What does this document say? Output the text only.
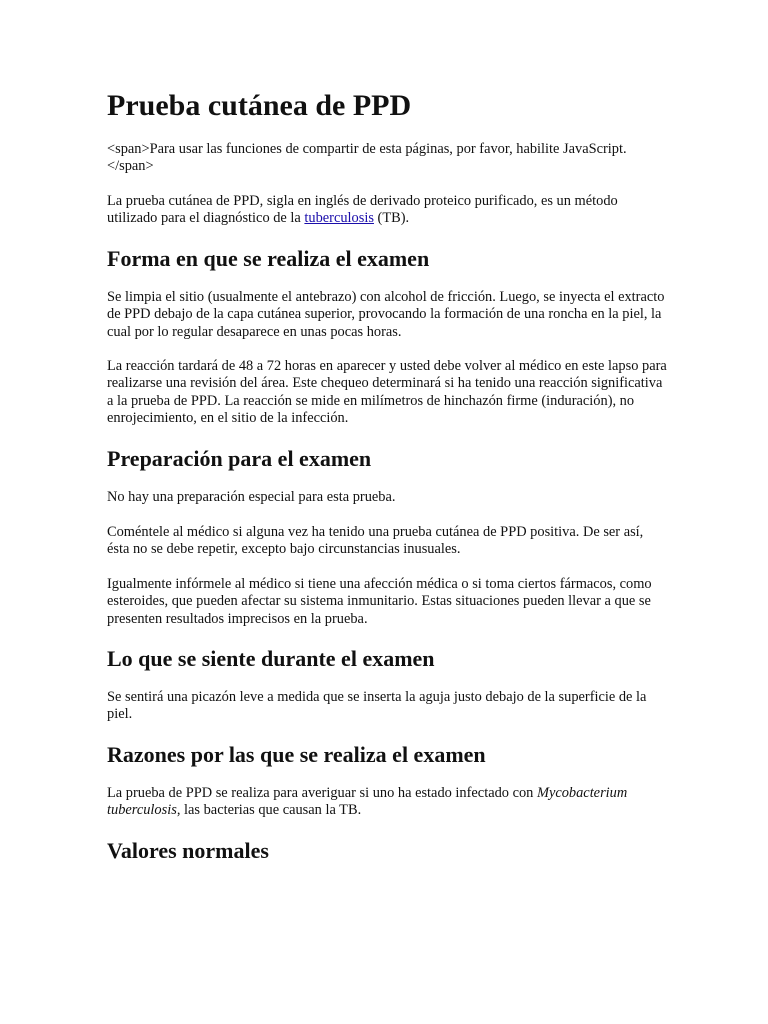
Prueba cutánea de PPD

<span>Para usar las funciones de compartir de esta páginas, por favor, habilite JavaScript.</span>

La prueba cutánea de PPD, sigla en inglés de derivado proteico purificado, es un método utilizado para el diagnóstico de la tuberculosis (TB).

Forma en que se realiza el examen

Se limpia el sitio (usualmente el antebrazo) con alcohol de fricción. Luego, se inyecta el extracto de PPD debajo de la capa cutánea superior, provocando la formación de una roncha en la piel, la cual por lo regular desaparece en unas pocas horas.

La reacción tardará de 48 a 72 horas en aparecer y usted debe volver al médico en este lapso para realizarse una revisión del área. Este chequeo determinará si ha tenido una reacción significativa a la prueba de PPD. La reacción se mide en milímetros de hinchazón firme (induración), no enrojecimiento, en el sitio de la infección.

Preparación para el examen

No hay una preparación especial para esta prueba.

Coméntele al médico si alguna vez ha tenido una prueba cutánea de PPD positiva. De ser así, ésta no se debe repetir, excepto bajo circunstancias inusuales.

Igualmente infórmele al médico si tiene una afección médica o si toma ciertos fármacos, como esteroides, que pueden afectar su sistema inmunitario. Estas situaciones pueden llevar a que se presenten resultados imprecisos en la prueba.

Lo que se siente durante el examen

Se sentirá una picazón leve a medida que se inserta la aguja justo debajo de la superficie de la piel.

Razones por las que se realiza el examen

La prueba de PPD se realiza para averiguar si uno ha estado infectado con Mycobacterium tuberculosis, las bacterias que causan la TB.

Valores normales
